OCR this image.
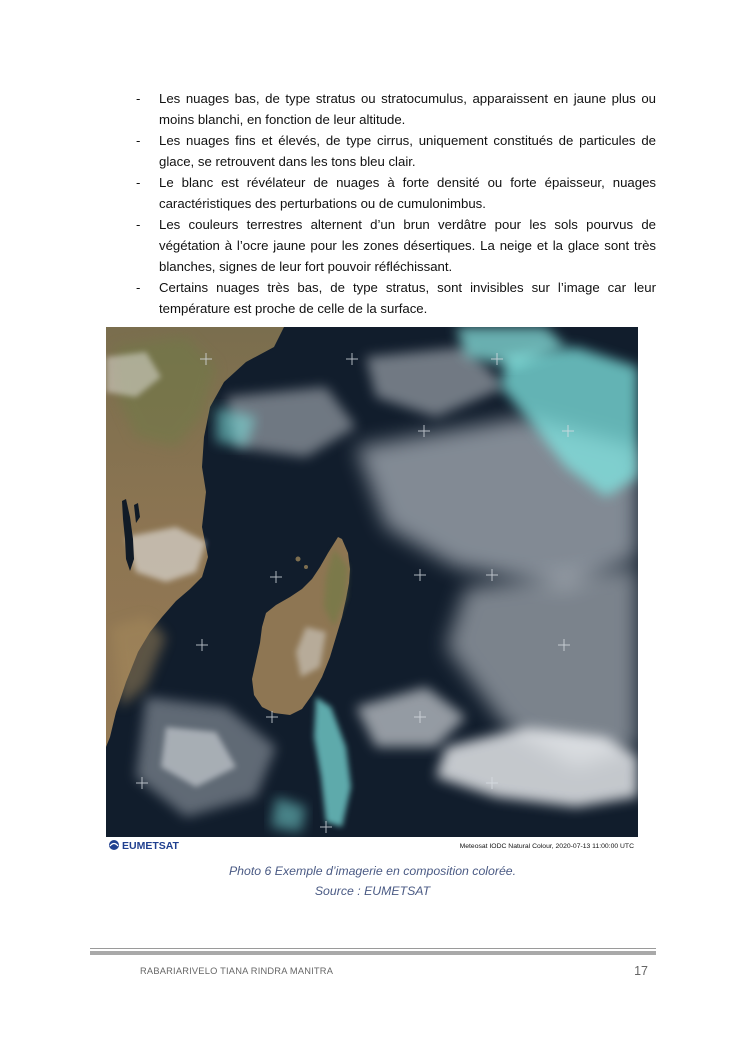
- Les nuages bas, de type stratus ou stratocumulus, apparaissent en jaune plus ou moins blanchi, en fonction de leur altitude.
- Les nuages fins et élevés, de type cirrus, uniquement constitués de particules de glace, se retrouvent dans les tons bleu clair.
- Le blanc est révélateur de nuages à forte densité ou forte épaisseur, nuages caractéristiques des perturbations ou de cumulonimbus.
- Les couleurs terrestres alternent d’un brun verdâtre pour les sols pourvus de végétation à l’ocre jaune pour les zones désertiques. La neige et la glace sont très blanches, signes de leur fort pouvoir réfléchissant.
- Certains nuages très bas, de type stratus, sont invisibles sur l’image car leur température est proche de celle de la surface.
EUMETSAT	Meteosat IODC Natural Colour, 2020-07-13 11:00:00 UTC
Photo 6 Exemple d’imagerie en composition colorée.
Source : EUMETSAT
RABARIARIVELO TIANA RINDRA MANITRA	17
